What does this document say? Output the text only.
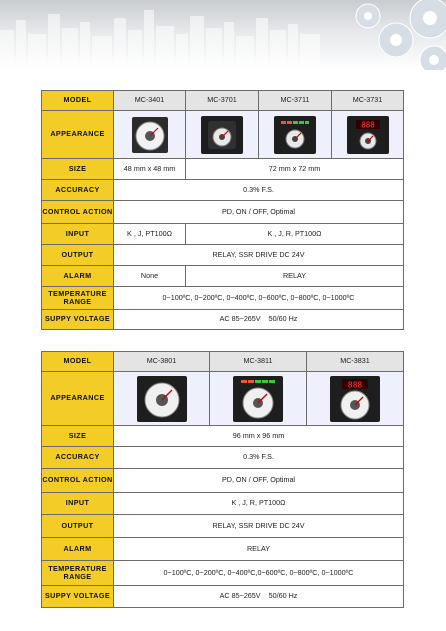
MODEL	MC-3401	MC-3701	MC-3711	MC-3731
APPEARANCE				888

SIZE	48 mm x 48 mm	72 mm x 72 mm		
ACCURACY	0.3% F.S.			
CONTROL ACTION	PD, ON / OFF, Optimal			
INPUT	K , J, PT100Ω	K , J, R, PT100Ω		
OUTPUT	RELAY, SSR DRIVE DC 24V			
ALARM	None	RELAY		
TEMPERATURE RANGE	0~100ºC, 0~200ºC, 0~400ºC, 0~600ºC, 0~800ºC, 0~1000ºC			
SUPPY VOLTAGE	AC 85~265V    50/60 Hz			
MODEL	MC-3801	MC-3811	MC-3831
APPEARANCE			888

SIZE	96 mm x 96 mm		
ACCURACY	0.3% F.S.		
CONTROL ACTION	PD, ON / OFF, Optimal		
INPUT	K , J, R, PT100Ω		
OUTPUT	RELAY, SSR DRIVE DC 24V		
ALARM	RELAY		
TEMPERATURE RANGE	0~100ºC, 0~200ºC, 0~400ºC,0~600ºC, 0~800ºC, 0~1000ºC		
SUPPY VOLTAGE	AC 85~265V    50/60 Hz		
